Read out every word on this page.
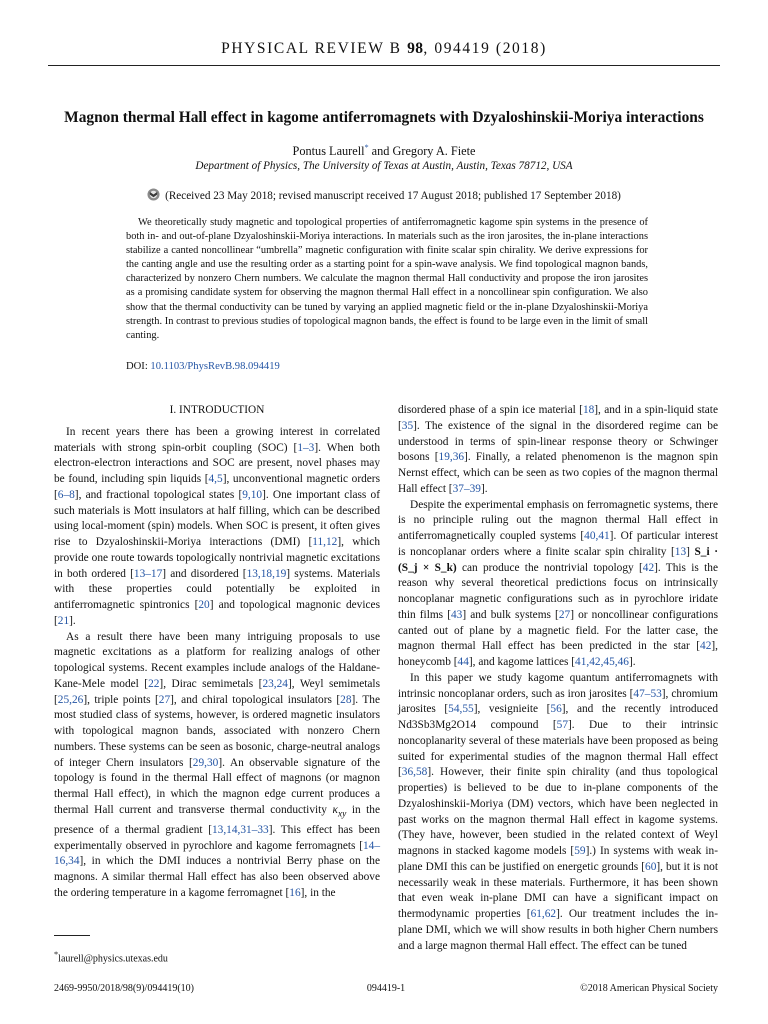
PHYSICAL REVIEW B 98, 094419 (2018)
Magnon thermal Hall effect in kagome antiferromagnets with Dzyaloshinskii-Moriya interactions
Pontus Laurell* and Gregory A. Fiete
Department of Physics, The University of Texas at Austin, Austin, Texas 78712, USA
(Received 23 May 2018; revised manuscript received 17 August 2018; published 17 September 2018)
We theoretically study magnetic and topological properties of antiferromagnetic kagome spin systems in the presence of both in- and out-of-plane Dzyaloshinskii-Moriya interactions. In materials such as the iron jarosites, the in-plane interactions stabilize a canted noncollinear “umbrella” magnetic configuration with finite scalar spin chirality. We derive expressions for the canting angle and use the resulting order as a starting point for a spin-wave analysis. We find topological magnon bands, characterized by nonzero Chern numbers. We calculate the magnon thermal Hall conductivity and propose the iron jarosites as a promising candidate system for observing the magnon thermal Hall effect in a noncollinear spin configuration. We also show that the thermal conductivity can be tuned by varying an applied magnetic field or the in-plane Dzyaloshinskii-Moriya strength. In contrast to previous studies of topological magnon bands, the effect is found to be large even in the limit of small canting.
DOI: 10.1103/PhysRevB.98.094419
I. INTRODUCTION

In recent years there has been a growing interest in correlated materials with strong spin-orbit coupling (SOC) [1–3]. When both electron-electron interactions and SOC are present, novel phases may be found, including spin liquids [4,5], unconventional magnetic orders [6–8], and fractional topological states [9,10]. One important class of such materials is Mott insulators at half filling, which can be described using local-moment (spin) models. When SOC is present, it often gives rise to Dzyaloshinskii-Moriya interactions (DMI) [11,12], which provide one route towards topologically nontrivial magnetic excitations in both ordered [13–17] and disordered [13,18,19] systems. Materials with these properties could potentially be exploited in antiferromagnetic spintronics [20] and topological magnonic devices [21].

As a result there have been many intriguing proposals to use magnetic excitations as a platform for realizing analogs of other topological systems. Recent examples include analogs of the Haldane-Kane-Mele model [22], Dirac semimetals [23,24], Weyl semimetals [25,26], triple points [27], and chiral topological insulators [28]. The most studied class of systems, however, is ordered magnetic insulators with topological magnon bands, associated with nonzero Chern numbers. These systems can be seen as bosonic, charge-neutral analogs of integer Chern insulators [29,30]. An observable signature of the topology is found in the thermal Hall effect of magnons (or magnon thermal Hall effect), in which the magnon edge current produces a thermal Hall current and transverse thermal conductivity $\kappa_{xy}$ in the presence of a thermal gradient [13,14,31–33]. This effect has been experimentally observed in pyrochlore and kagome ferromagnets [14–16,34], in which the DMI induces a nontrivial Berry phase on the magnons. A similar thermal Hall effect has also been observed above the ordering temperature in a kagome ferromagnet [16], in the

disordered phase of a spin ice material [18], and in a spin-liquid state [35]. The existence of the signal in the disordered regime can be understood in terms of spin-linear response theory or Schwinger bosons [19,36]. Finally, a related phenomenon is the magnon spin Nernst effect, which can be seen as two copies of the magnon thermal Hall effect [37–39].

Despite the experimental emphasis on ferromagnetic systems, there is no principle ruling out the magnon thermal Hall effect in antiferromagnetically coupled systems [40,41]. Of particular interest is noncoplanar orders where a finite scalar spin chirality [13] S_i · (S_j × S_k) can produce the nontrivial topology [42]. This is the reason why several theoretical predictions focus on intrinsically noncoplanar magnetic configurations such as in pyrochlore iridate thin films [43] and bulk systems [27] or noncollinear configurations canted out of plane by a magnetic field. For the latter case, the magnon thermal Hall effect has been predicted in the star [42], honeycomb [44], and kagome lattices [41,42,45,46].

In this paper we study kagome quantum antiferromagnets with intrinsic noncoplanar orders, such as iron jarosites [47–53], chromium jarosites [54,55], vesignieite [56], and the recently introduced Nd3Sb3Mg2O14 compound [57]. Due to their intrinsic noncoplanarity several of these materials have been proposed as being suited for experimental studies of the magnon thermal Hall effect [36,58]. However, their finite spin chirality (and thus topological properties) is believed to be due to in-plane components of the Dzyaloshinskii-Moriya (DM) vectors, which have been neglected in past works on the magnon thermal Hall effect in kagome systems. (They have, however, been studied in the related context of Weyl magnons in stacked kagome models [59].) In systems with weak in-plane DMI this can be justified on energetic grounds [60], but it is not necessarily weak in these materials. Furthermore, it has been shown that even weak in-plane DMI can have a significant impact on thermodynamic properties [61,62]. Our treatment includes the in-plane DMI, which we will show results in both higher Chern numbers and a large magnon thermal Hall effect. The effect can be tuned

*laurell@physics.utexas.edu
2469-9950/2018/98(9)/094419(10)	094419-1	©2018 American Physical Society
